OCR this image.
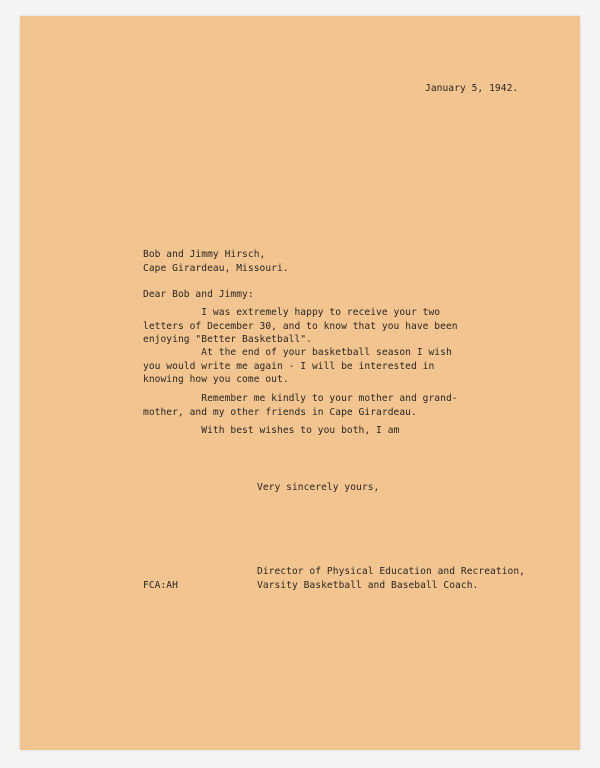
January 5, 1942.
Bob and Jimmy Hirsch,
Cape Girardeau, Missouri.
Dear Bob and Jimmy:
I was extremely happy to receive your two
letters of December 30, and to know that you have been
enjoying "Better Basketball".
At the end of your basketball season I wish
you would write me again - I will be interested in
knowing how you come out.
Remember me kindly to your mother and grand-
mother, and my other friends in Cape Girardeau.
With best wishes to you both, I am
Very sincerely yours,
Director of Physical Education and Recreation,
Varsity Basketball and Baseball Coach.
FCA:AH
